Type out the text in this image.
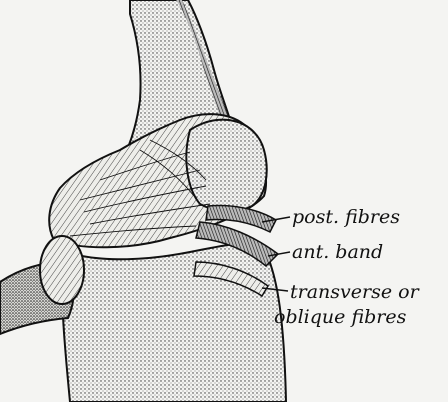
post. fibres
ant. band
transverse or
oblique fibres
